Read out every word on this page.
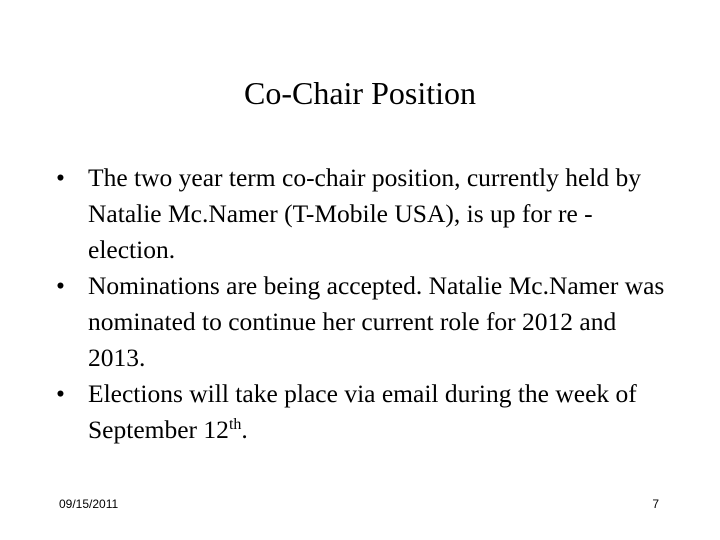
Co-Chair Position
• The two year term co-chair position, currently held by Natalie Mc.Namer (T-Mobile USA), is up for re -election.
• Nominations are being accepted. Natalie Mc.Namer was nominated to continue her current role for 2012 and 2013.
• Elections will take place via email during the week of September 12th.
09/15/2011	7
